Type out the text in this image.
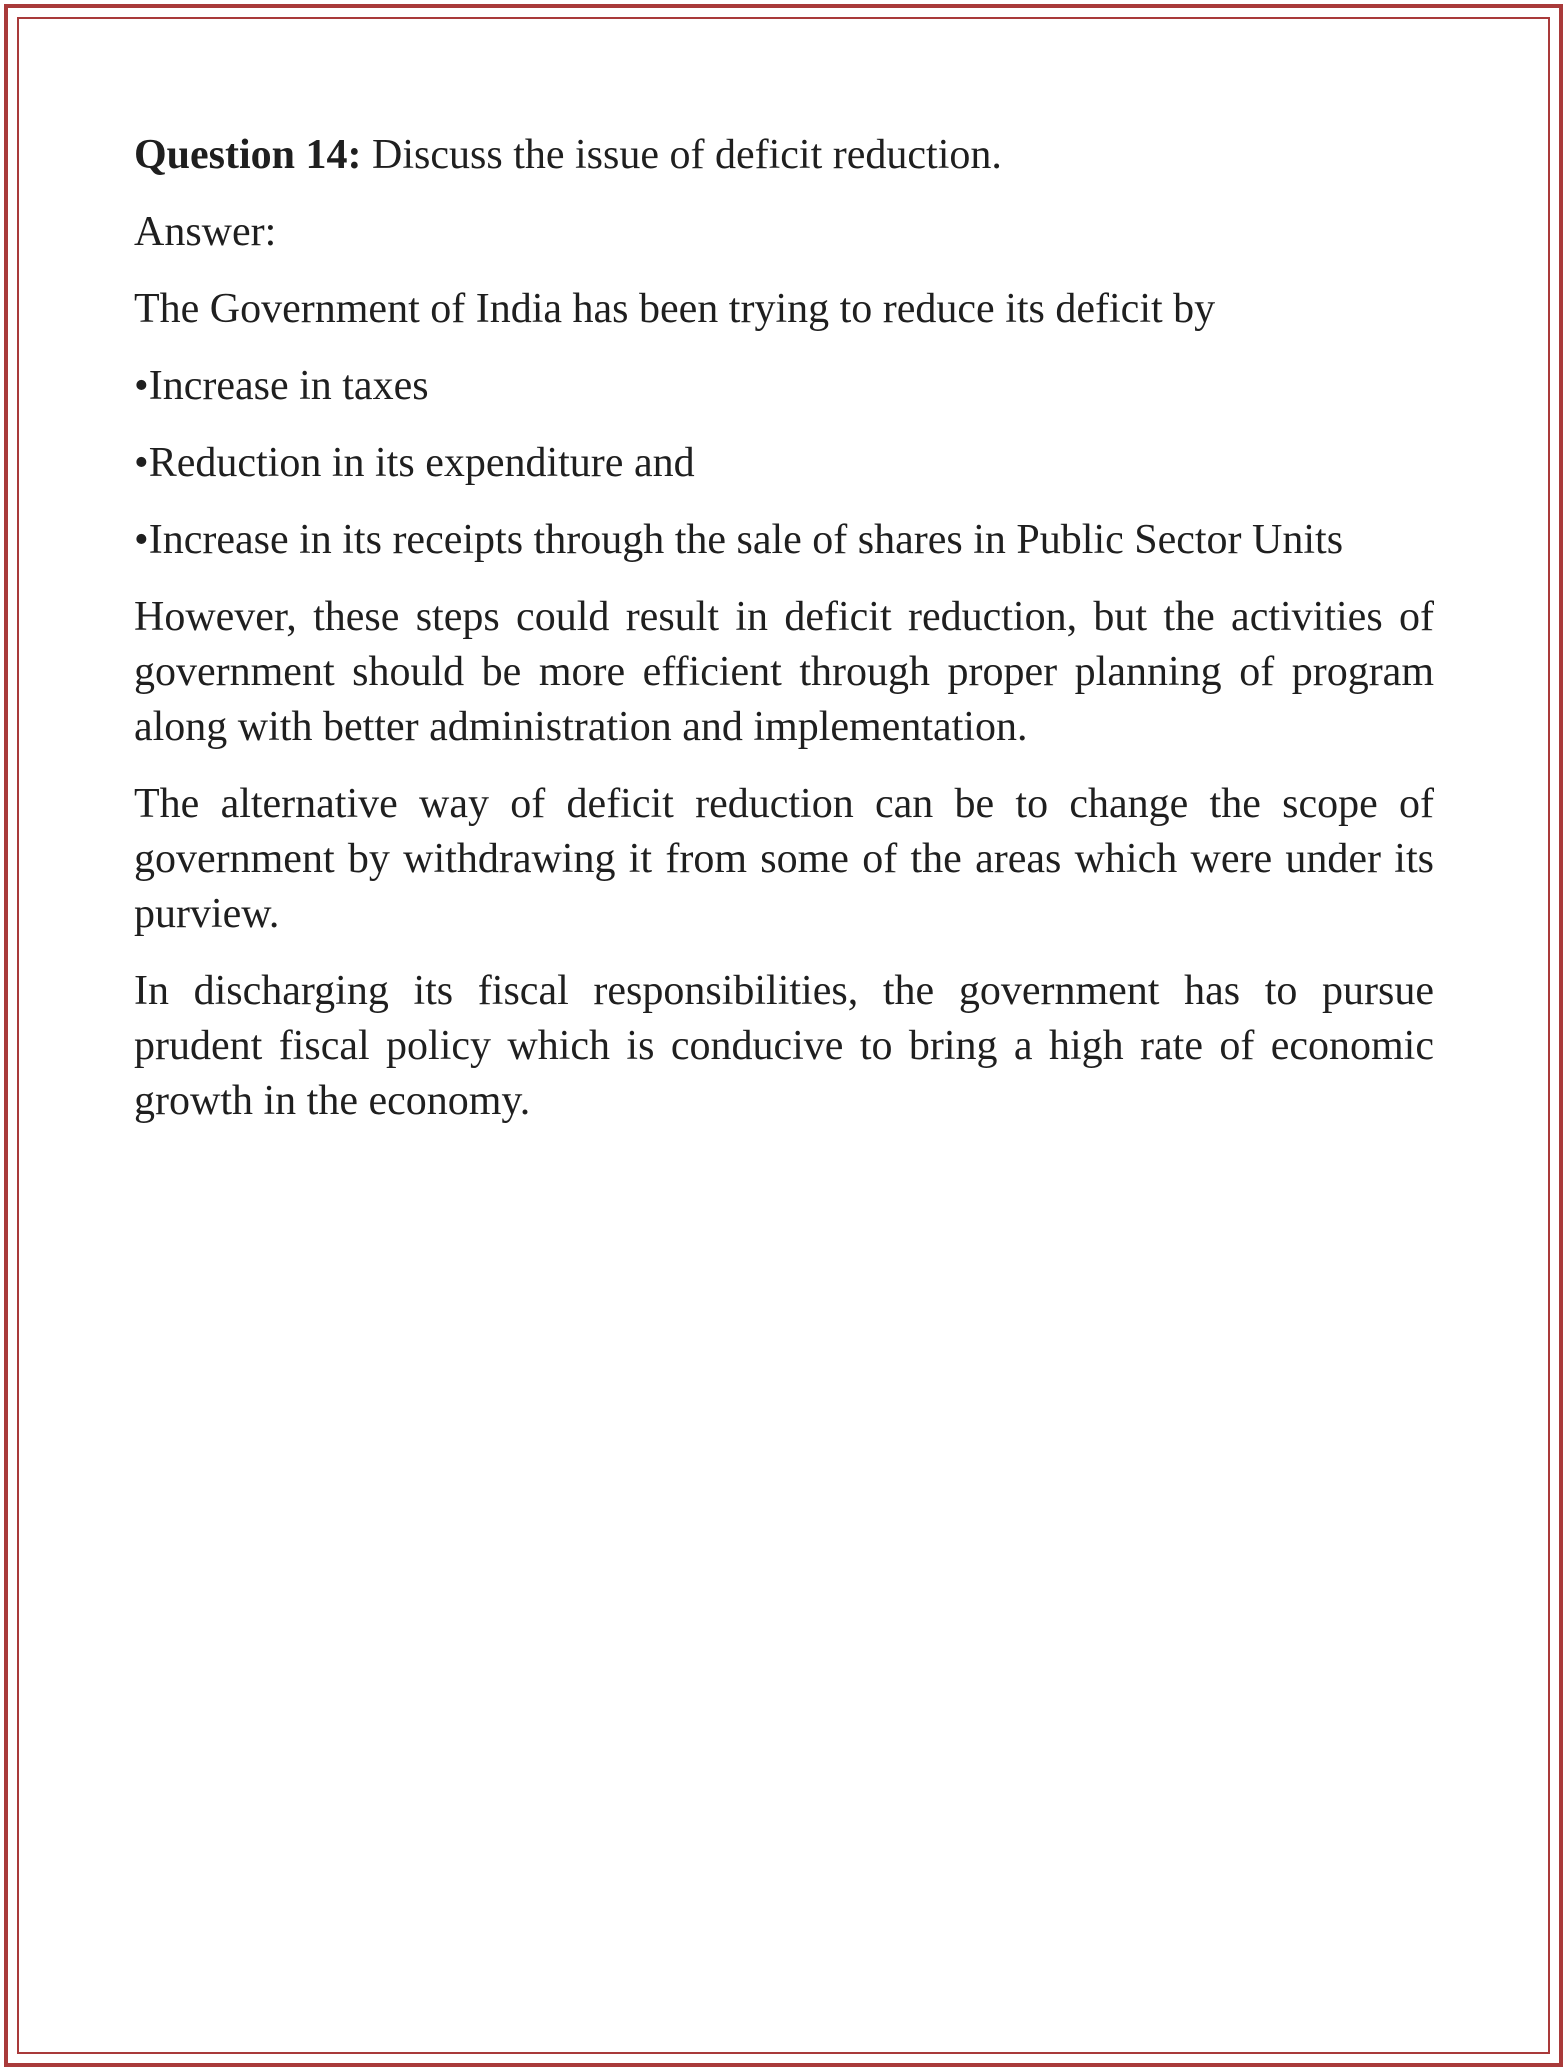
Question 14: Discuss the issue of deficit reduction.

Answer:

The Government of India has been trying to reduce its deficit by

•Increase in taxes

•Reduction in its expenditure and

•Increase in its receipts through the sale of shares in Public Sector Units

However, these steps could result in deficit reduction, but the activities of government should be more efficient through proper planning of program along with better administration and implementation.

The alternative way of deficit reduction can be to change the scope of government by withdrawing it from some of the areas which were under its purview.

In discharging its fiscal responsibilities, the government has to pursue prudent fiscal policy which is conducive to bring a high rate of economic growth in the economy.
